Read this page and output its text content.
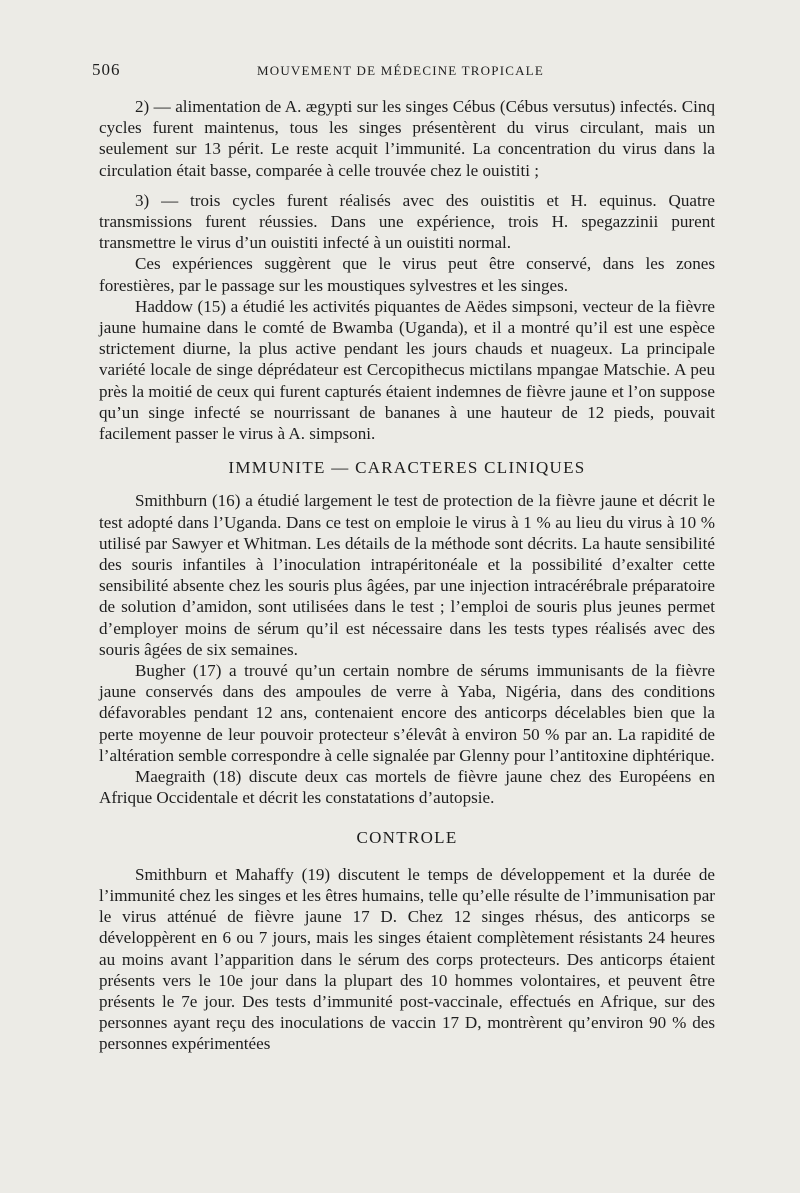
506	MOUVEMENT DE MÉDECINE TROPICALE

2) — alimentation de A. ægypti sur les singes Cébus (Cébus versutus) infectés. Cinq cycles furent maintenus, tous les singes présentèrent du virus circulant, mais un seulement sur 13 périt. Le reste acquit l’immunité. La concentration du virus dans la circulation était basse, comparée à celle trouvée chez le ouistiti ;

3) — trois cycles furent réalisés avec des ouistitis et H. equinus. Quatre transmissions furent réussies. Dans une expérience, trois H. spegazzinii purent transmettre le virus d’un ouistiti infecté à un ouistiti normal.

Ces expériences suggèrent que le virus peut être conservé, dans les zones forestières, par le passage sur les moustiques sylvestres et les singes.

Haddow (15) a étudié les activités piquantes de Aëdes simpsoni, vecteur de la fièvre jaune humaine dans le comté de Bwamba (Uganda), et il a montré qu’il est une espèce strictement diurne, la plus active pendant les jours chauds et nuageux. La principale variété locale de singe déprédateur est Cercopithecus mictilans mpangae Matschie. A peu près la moitié de ceux qui furent capturés étaient indemnes de fièvre jaune et l’on suppose qu’un singe infecté se nourrissant de bananes à une hauteur de 12 pieds, pouvait facilement passer le virus à A. simpsoni.

IMMUNITE — CARACTERES CLINIQUES

Smithburn (16) a étudié largement le test de protection de la fièvre jaune et décrit le test adopté dans l’Uganda. Dans ce test on emploie le virus à 1 % au lieu du virus à 10 % utilisé par Sawyer et Whitman. Les détails de la méthode sont décrits. La haute sensibilité des souris infantiles à l’inoculation intrapéritonéale et la possibilité d’exalter cette sensibilité absente chez les souris plus âgées, par une injection intracérébrale préparatoire de solution d’amidon, sont utilisées dans le test ; l’emploi de souris plus jeunes permet d’employer moins de sérum qu’il est nécessaire dans les tests types réalisés avec des souris âgées de six semaines.

Bugher (17) a trouvé qu’un certain nombre de sérums immunisants de la fièvre jaune conservés dans des ampoules de verre à Yaba, Nigéria, dans des conditions défavorables pendant 12 ans, contenaient encore des anticorps décelables bien que la perte moyenne de leur pouvoir protecteur s’élevât à environ 50 % par an. La rapidité de l’altération semble correspondre à celle signalée par Glenny pour l’antitoxine diphtérique.

Maegraith (18) discute deux cas mortels de fièvre jaune chez des Européens en Afrique Occidentale et décrit les constatations d’autopsie.

CONTROLE

Smithburn et Mahaffy (19) discutent le temps de développement et la durée de l’immunité chez les singes et les êtres humains, telle qu’elle résulte de l’immunisation par le virus atténué de fièvre jaune 17 D. Chez 12 singes rhésus, des anticorps se développèrent en 6 ou 7 jours, mais les singes étaient complètement résistants 24 heures au moins avant l’apparition dans le sérum des corps protecteurs. Des anticorps étaient présents vers le 10e jour dans la plupart des 10 hommes volontaires, et peuvent être présents le 7e jour. Des tests d’immunité post-vaccinale, effectués en Afrique, sur des personnes ayant reçu des inoculations de vaccin 17 D, montrèrent qu’environ 90 % des personnes expérimentées
